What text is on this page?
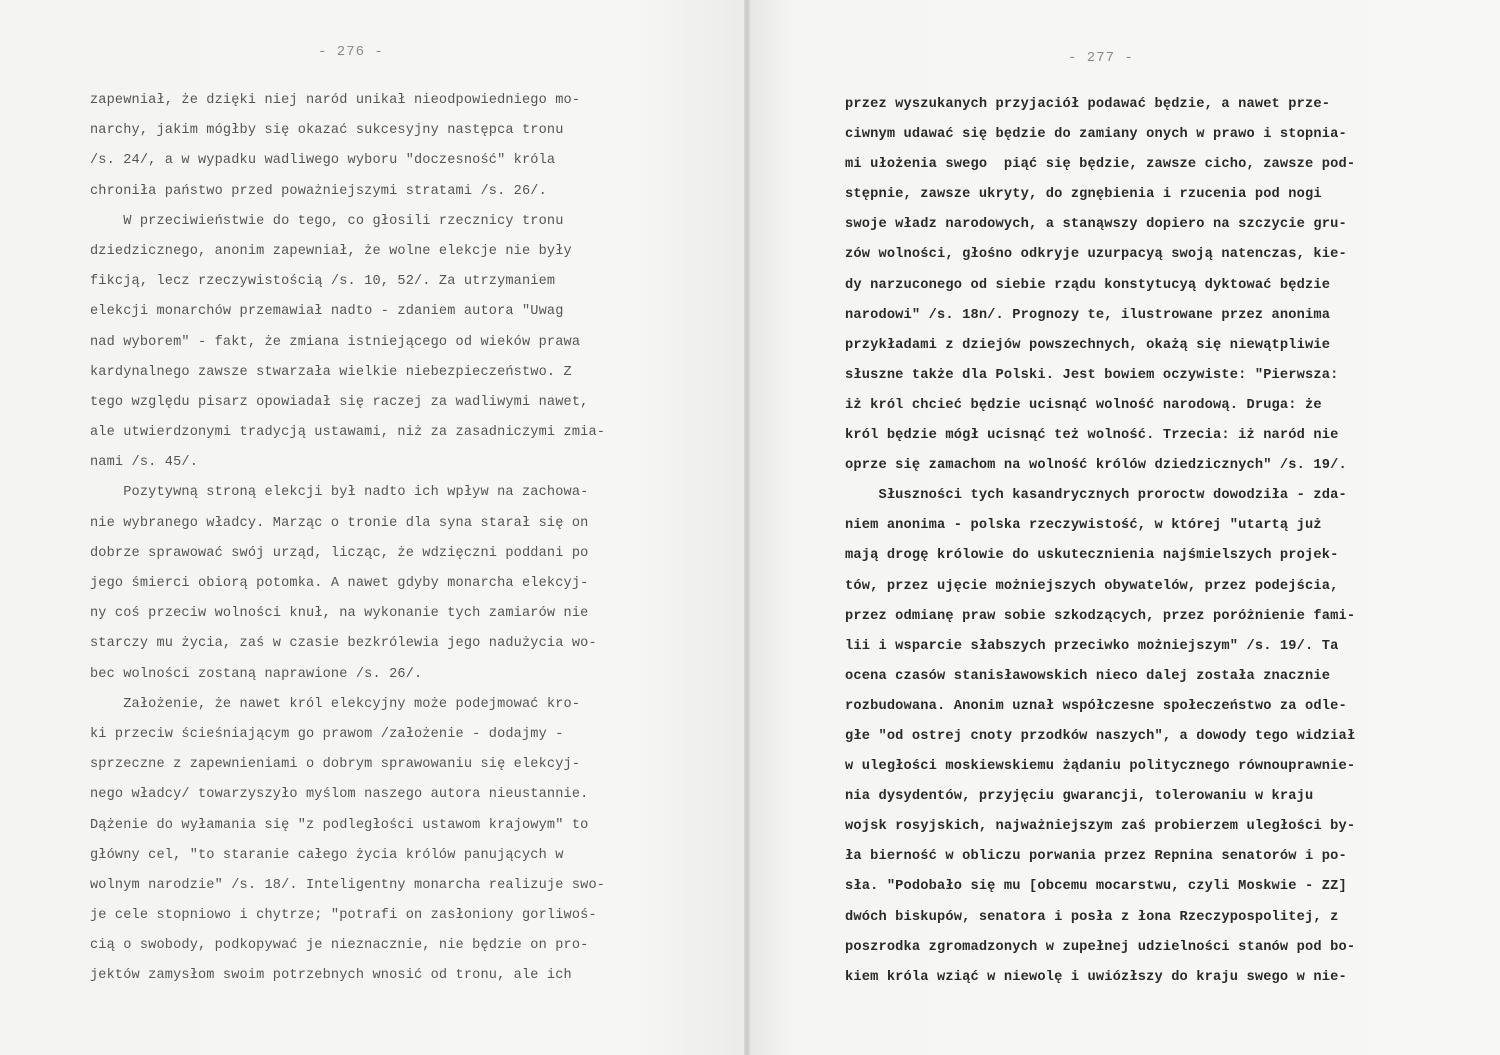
- 276 -
zapewniał, że dzięki niej naród unikał nieodpowiedniego mo-
narchy, jakim mógłby się okazać sukcesyjny następca tronu
/s. 24/, a w wypadku wadliwego wyboru "doczesność" króla
chroniła państwo przed poważniejszymi stratami /s. 26/.
W przeciwieństwie do tego, co głosili rzecznicy tronu
dziedzicznego, anonim zapewniał, że wolne elekcje nie były
fikcją, lecz rzeczywistością /s. 10, 52/. Za utrzymaniem
elekcji monarchów przemawiał nadto - zdaniem autora "Uwag
nad wyborem" - fakt, że zmiana istniejącego od wieków prawa
kardynalnego zawsze stwarzała wielkie niebezpieczeństwo. Z
tego względu pisarz opowiadał się raczej za wadliwymi nawet,
ale utwierdzonymi tradycją ustawami, niż za zasadniczymi zmia-
nami /s. 45/.
Pozytywną stroną elekcji był nadto ich wpływ na zachowa-
nie wybranego władcy. Marząc o tronie dla syna starał się on
dobrze sprawować swój urząd, licząc, że wdzięczni poddani po
jego śmierci obiorą potomka. A nawet gdyby monarcha elekcyj-
ny coś przeciw wolności knuł, na wykonanie tych zamiarów nie
starczy mu życia, zaś w czasie bezkrólewia jego nadużycia wo-
bec wolności zostaną naprawione /s. 26/.
Założenie, że nawet król elekcyjny może podejmować kro-
ki przeciw ścieśniającym go prawom /założenie - dodajmy -
sprzeczne z zapewnieniami o dobrym sprawowaniu się elekcyj-
nego władcy/ towarzyszyło myślom naszego autora nieustannie.
Dążenie do wyłamania się "z podległości ustawom krajowym" to
główny cel, "to staranie całego życia królów panujących w
wolnym narodzie" /s. 18/. Inteligentny monarcha realizuje swo-
je cele stopniowo i chytrze; "potrafi on zasłoniony gorliwoś-
cią o swobody, podkopywać je nieznacznie, nie będzie on pro-
jektów zamysłom swoim potrzebnych wnosić od tronu, ale ich
- 277 -
przez wyszukanych przyjaciół podawać będzie, a nawet prze-
ciwnym udawać się będzie do zamiany onych w prawo i stopnia-
mi ułożenia swego  piąć się będzie, zawsze cicho, zawsze pod-
stępnie, zawsze ukryty, do zgnębienia i rzucenia pod nogi
swoje władz narodowych, a stanąwszy dopiero na szczycie gru-
zów wolności, głośno odkryje uzurpacyą swoją natenczas, kie-
dy narzuconego od siebie rządu konstytucyą dyktować będzie
narodowi" /s. 18n/. Prognozy te, ilustrowane przez anonima
przykładami z dziejów powszechnych, okażą się niewątpliwie
słuszne także dla Polski. Jest bowiem oczywiste: "Pierwsza:
iż król chcieć będzie ucisnąć wolność narodową. Druga: że
król będzie mógł ucisnąć też wolność. Trzecia: iż naród nie
oprze się zamachom na wolność królów dziedzicznych" /s. 19/.
Słuszności tych kasandrycznych proroctw dowodziła - zda-
niem anonima - polska rzeczywistość, w której "utartą już
mają drogę królowie do uskutecznienia najśmielszych projek-
tów, przez ujęcie możniejszych obywatelów, przez podejścia,
przez odmianę praw sobie szkodzących, przez poróżnienie fami-
lii i wsparcie słabszych przeciwko możniejszym" /s. 19/. Ta
ocena czasów stanisławowskich nieco dalej została znacznie
rozbudowana. Anonim uznał współczesne społeczeństwo za odle-
głe "od ostrej cnoty przodków naszych", a dowody tego widział
w uległości moskiewskiemu żądaniu politycznego równouprawnie-
nia dysydentów, przyjęciu gwarancji, tolerowaniu w kraju
wojsk rosyjskich, najważniejszym zaś probierzem uległości by-
ła bierność w obliczu porwania przez Repnina senatorów i po-
sła. "Podobało się mu [obcemu mocarstwu, czyli Moskwie - ZZ]
dwóch biskupów, senatora i posła z łona Rzeczypospolitej, z
poszrodka zgromadzonych w zupełnej udzielności stanów pod bo-
kiem króla wziąć w niewolę i uwiózłszy do kraju swego w nie-
